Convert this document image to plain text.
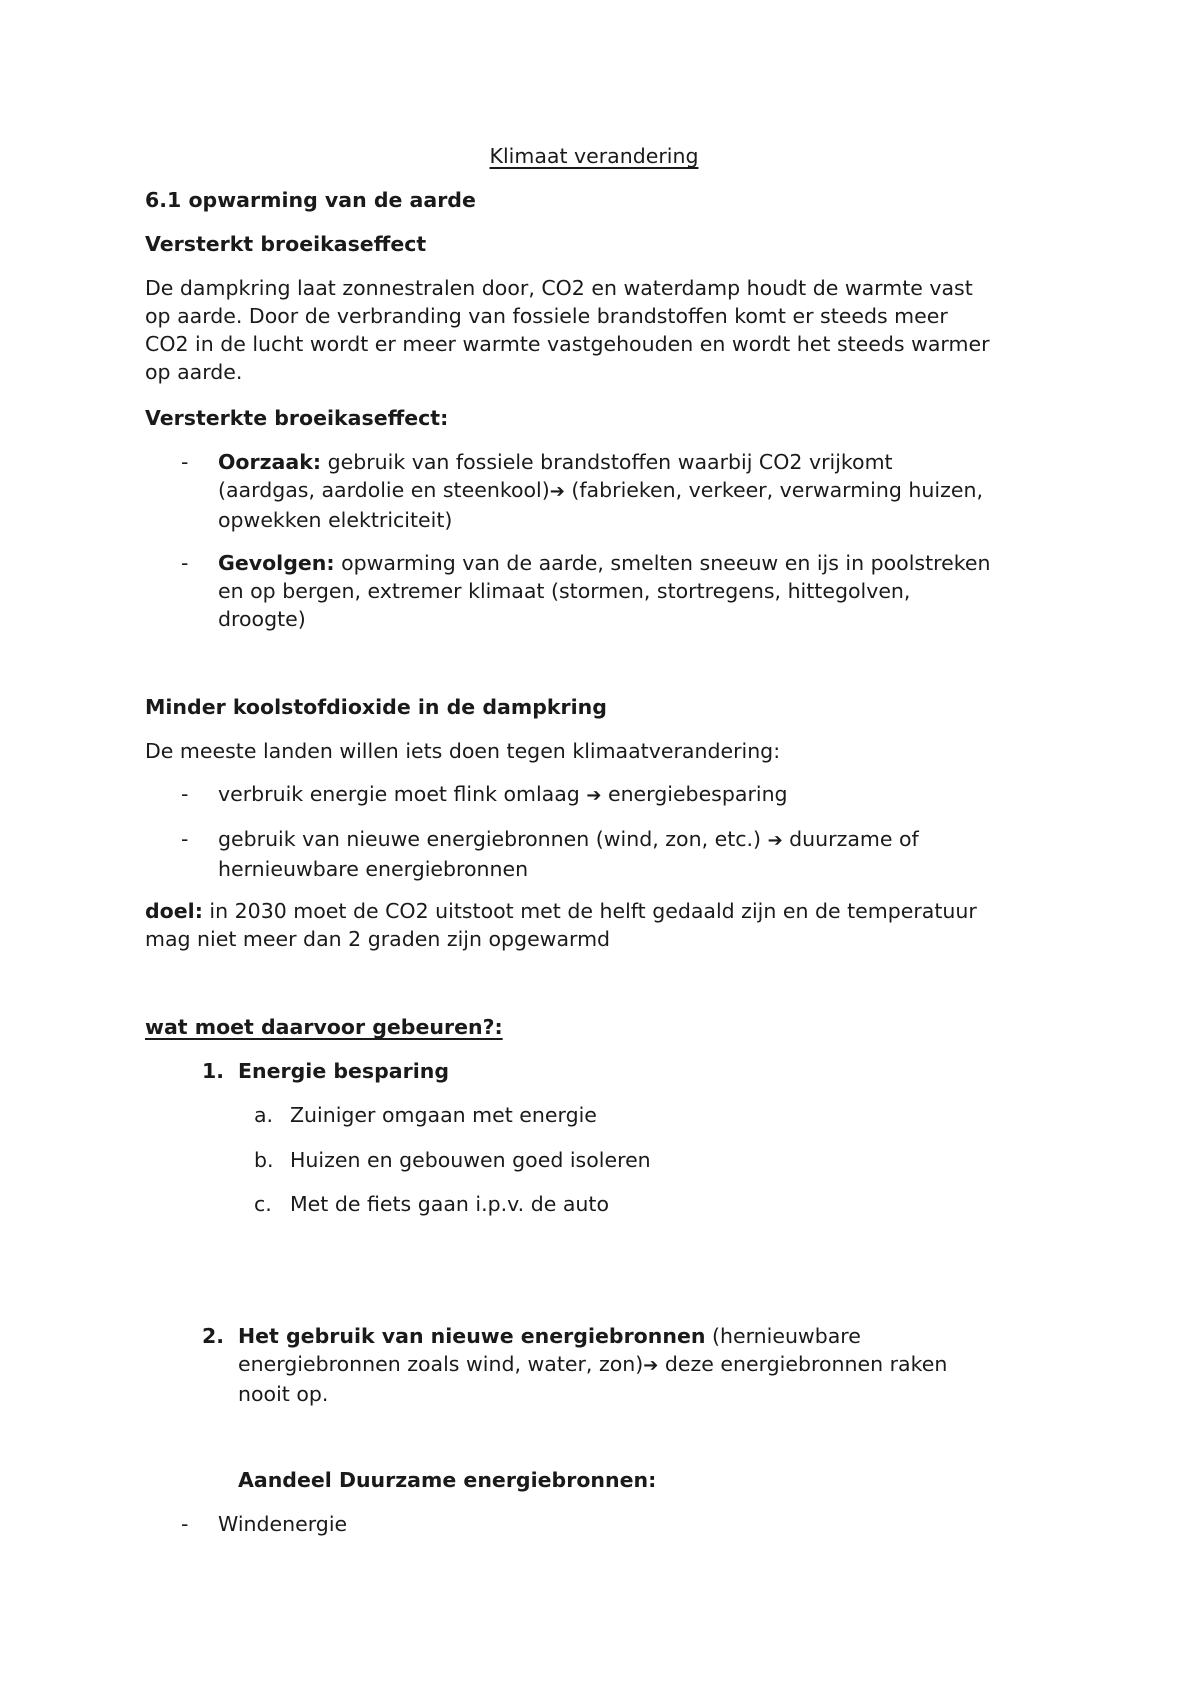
Klimaat verandering

6.1 opwarming van de aarde

Versterkt broeikaseffect

De dampkring laat zonnestralen door, CO2 en waterdamp houdt de warmte vast
op aarde. Door de verbranding van fossiele brandstoffen komt er steeds meer
CO2 in de lucht wordt er meer warmte vastgehouden en wordt het steeds warmer
op aarde.

Versterkte broeikaseffect:

- Oorzaak: gebruik van fossiele brandstoffen waarbij CO2 vrijkomt
(aardgas, aardolie en steenkool)➔ (fabrieken, verkeer, verwarming huizen,
opwekken elektriciteit)
- Gevolgen: opwarming van de aarde, smelten sneeuw en ijs in poolstreken
en op bergen, extremer klimaat (stormen, stortregens, hittegolven,
droogte)

Minder koolstofdioxide in de dampkring

De meeste landen willen iets doen tegen klimaatverandering:

- verbruik energie moet flink omlaag ➔ energiebesparing
- gebruik van nieuwe energiebronnen (wind, zon, etc.) ➔ duurzame of
hernieuwbare energiebronnen
doel: in 2030 moet de CO2 uitstoot met de helft gedaald zijn en de temperatuur
mag niet meer dan 2 graden zijn opgewarmd

wat moet daarvoor gebeuren?:

1. Energie besparing
a. Zuiniger omgaan met energie
b. Huizen en gebouwen goed isoleren
c. Met de fiets gaan i.p.v. de auto
2. Het gebruik van nieuwe energiebronnen (hernieuwbare
energiebronnen zoals wind, water, zon)➔ deze energiebronnen raken
nooit op.

Aandeel Duurzame energiebronnen:

- Windenergie
